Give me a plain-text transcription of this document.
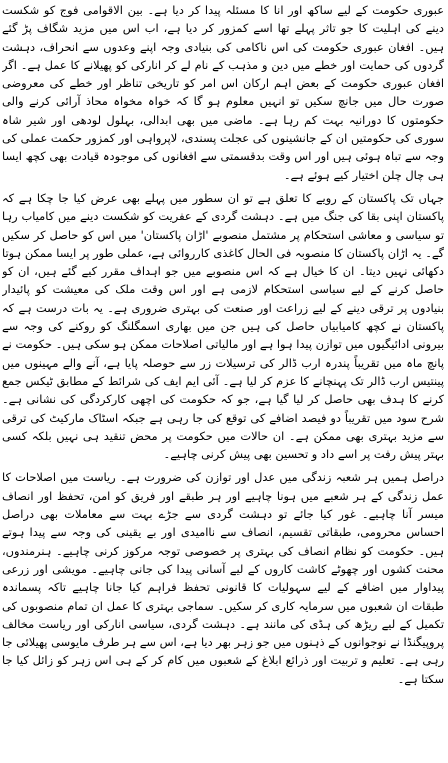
عبوری حکومت کے لیے ساکھ اور انا کا مسئلہ پیدا کر دیا ہے۔ بین الاقوامی فوج کو شکست دینے کی اہلیت کا جو تاثر پہلے تھا اسے کمزور کر دیا ہے، اب اس میں مزید شگاف پڑ گئے ہیں۔ افغان عبوری حکومت کی اس ناکامی کی بنیادی وجہ اپنے وعدوں سے انحراف، دہشت گردوں کی حمایت اور خطے میں دین و مذہب کے نام لے کر انارکی کو پھیلانے کا عمل ہے۔ اگر افغان عبوری حکومت کے بعض اہم ارکان اس امر کو تاریخی تناظر اور خطے کی معروضی صورت حال میں جانچ سکیں تو انہیں معلوم ہو گا کہ خواہ مخواہ محاذ آرائی کرنے والی حکومتوں کا دورانیہ بہت کم رہا ہے۔ ماضی میں بھی ابدالی، بہلول لودھی اور شیر شاہ سوری کی حکومتیں ان کے جانشینوں کی عجلت پسندی، لاپرواہی اور کمزور حکمت عملی کی وجہ سے تباہ ہوئی ہیں اور اس وقت بدقسمتی سے افغانوں کی موجودہ قیادت بھی کچھ ایسا ہی چال چلن اختیار کیے ہوئے ہے۔

جہاں تک پاکستان کے رویے کا تعلق ہے تو ان سطور میں پہلے بھی عرض کیا جا چکا ہے کہ پاکستان اپنی بقا کی جنگ میں ہے۔ دہشت گردی کے عفریت کو شکست دینے میں کامیاب رہا تو سیاسی و معاشی استحکام پر مشتمل منصوبے 'اڑان پاکستان' میں اس کو حاصل کر سکیں گے۔ یہ اڑان پاکستان کا منصوبہ فی الحال کاغذی کارروائی ہے، عملی طور پر ایسا ممکن ہوتا دکھائی نہیں دیتا۔ ان کا خیال ہے کہ اس منصوبے میں جو اہداف مقرر کیے گئے ہیں، ان کو حاصل کرنے کے لیے سیاسی استحکام لازمی ہے اور اس وقت ملک کی معیشت کو پائیدار بنیادوں پر ترقی دینے کے لیے زراعت اور صنعت کی بہتری ضروری ہے۔ یہ بات درست ہے کہ پاکستان نے کچھ کامیابیاں حاصل کی ہیں جن میں بھاری اسمگلنگ کو روکنے کی وجہ سے بیرونی ادائیگیوں میں توازن پیدا ہوا ہے اور مالیاتی اصلاحات ممکن ہو سکی ہیں۔ حکومت نے پانچ ماہ میں تقریباً پندرہ ارب ڈالر کی ترسیلات زر سے حوصلہ پایا ہے، آنے والے مہینوں میں پینتیس ارب ڈالر تک پہنچانے کا عزم کر لیا ہے۔ آئی ایم ایف کی شرائط کے مطابق ٹیکس جمع کرنے کا ہدف بھی حاصل کر لیا گیا ہے، جو کہ حکومت کی اچھی کارکردگی کی نشانی ہے۔ شرح سود میں تقریباً دو فیصد اضافے کی توقع کی جا رہی ہے جبکہ اسٹاک مارکیٹ کی ترقی سے مزید بہتری بھی ممکن ہے۔ ان حالات میں حکومت پر محض تنقید ہی نہیں بلکہ کسی بہتر پیش رفت پر اسے داد و تحسین بھی پیش کرنی چاہیے۔

دراصل ہمیں ہر شعبہ زندگی میں عدل اور توازن کی ضرورت ہے۔ ریاست میں اصلاحات کا عمل زندگی کے ہر شعبے میں ہونا چاہیے اور ہر طبقے اور فریق کو امن، تحفظ اور انصاف میسر آنا چاہیے۔ غور کیا جائے تو دہشت گردی سے جڑے بہت سے معاملات بھی دراصل احساس محرومی، طبقاتی تقسیم، انصاف سے ناامیدی اور بے یقینی کی وجہ سے پیدا ہوتے ہیں۔ حکومت کو نظام انصاف کی بہتری پر خصوصی توجہ مرکوز کرنی چاہیے۔ ہنرمندوں، محنت کشوں اور چھوٹے کاشت کاروں کے لیے آسانی پیدا کی جانی چاہیے۔ مویشی اور زرعی پیداوار میں اضافے کے لیے سہولیات کا قانونی تحفظ فراہم کیا جانا چاہیے تاکہ پسماندہ طبقات ان شعبوں میں سرمایہ کاری کر سکیں۔ سماجی بہتری کا عمل ان تمام منصوبوں کی تکمیل کے لیے ریڑھ کی ہڈی کی مانند ہے۔ دہشت گردی، سیاسی انارکی اور ریاست مخالف پروپیگنڈا نے نوجوانوں کے ذہنوں میں جو زہر بھر دیا ہے، اس سے ہر طرف مایوسی پھیلائی جا رہی ہے۔ تعلیم و تربیت اور ذرائع ابلاغ کے شعبوں میں کام کر کے ہی اس زہر کو زائل کیا جا سکتا ہے۔
